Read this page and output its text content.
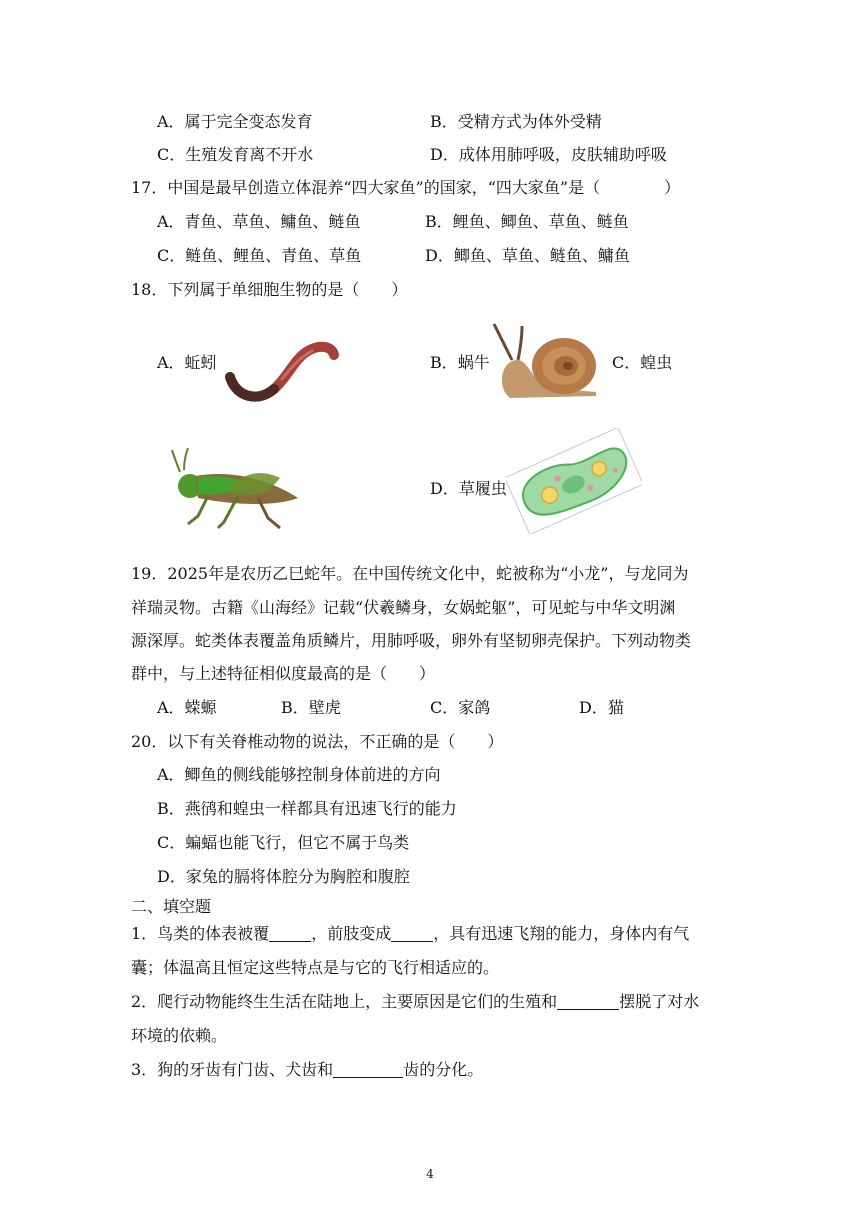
A．属于完全变态发育	B．受精方式为体外受精
C．生殖发育离不开水	D．成体用肺呼吸，皮肤辅助呼吸
17．中国是最早创造立体混养“四大家鱼”的国家，“四大家鱼”是（　　　　）
A．青鱼、草鱼、鳙鱼、鲢鱼	B．鲤鱼、鲫鱼、草鱼、鲢鱼
C．鲢鱼、鲤鱼、青鱼、草鱼	D．鲫鱼、草鱼、鲢鱼、鳙鱼
18．下列属于单细胞生物的是（　　）
A．蚯蚓	B．蜗牛	C．蝗虫
D．草履虫
19．2025年是农历乙巳蛇年。在中国传统文化中，蛇被称为“小龙”，与龙同为
祥瑞灵物。古籍《山海经》记载“伏羲鳞身，女娲蛇躯”，可见蛇与中华文明渊
源深厚。蛇类体表覆盖角质鳞片，用肺呼吸，卵外有坚韧卵壳保护。下列动物类
群中，与上述特征相似度最高的是（　　）
A．蝾螈	B．壁虎	C．家鸽	D．猫
20．以下有关脊椎动物的说法，不正确的是（　　）
A．鲫鱼的侧线能够控制身体前进的方向
B．燕鸻和蝗虫一样都具有迅速飞行的能力
C．蝙蝠也能飞行，但它不属于鸟类
D．家兔的膈将体腔分为胸腔和腹腔
二、填空题
1．鸟类的体表被覆	，前肢变成	，具有迅速飞翔的能力，身体内有气
囊；体温高且恒定这些特点是与它的飞行相适应的。
2．爬行动物能终生生活在陆地上，主要原因是它们的生殖和	摆脱了对水
环境的依赖。
3．狗的牙齿有门齿、犬齿和	齿的分化。
4
